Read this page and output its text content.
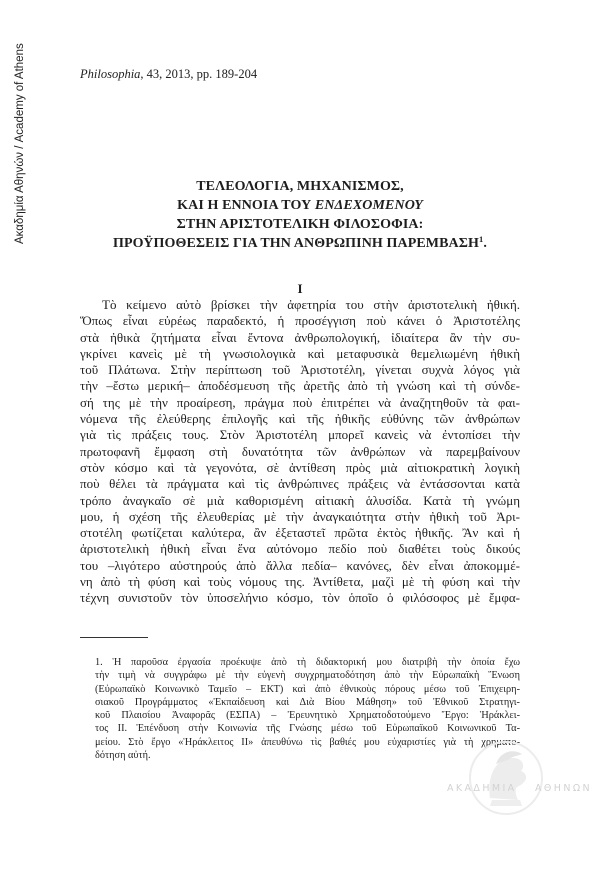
Ακαδημία Αθηνών / Academy of Athens	Philosophia, 43, 2013, pp. 189-204
ΤΕΛΕΟΛΟΓΙΑ, ΜΗΧΑΝΙΣΜΟΣ,
ΚΑΙ Η ΕΝΝΟΙΑ ΤΟΥ ΕΝΔΕΧΟΜΕΝΟΥ
ΣΤΗΝ ΑΡΙΣΤΟΤΕΛΙΚΗ ΦΙΛΟΣΟΦΙΑ:
ΠΡΟΫΠΟΘΕΣΕΙΣ ΓΙΑ ΤΗΝ ΑΝΘΡΩΠΙΝΗ ΠΑΡΕΜΒΑΣΗ$^1$.
I
Τὸ κείμενο αὐτὸ βρίσκει τὴν ἀφετηρία του στὴν ἀριστοτελικὴ ἠθική.
Ὅπως εἶναι εὐρέως παραδεκτό, ἡ προσέγγιση ποὺ κάνει ὁ Ἀριστοτέλης
στὰ ἠθικὰ ζητήματα εἶναι ἔντονα ἀνθρωπολογική, ἰδιαίτερα ἂν τὴν συ-
γκρίνει κανεὶς μὲ τὴ γνωσιολογικὰ καὶ μεταφυσικὰ θεμελιωμένη ἠθικὴ
τοῦ Πλάτωνα. Στὴν περίπτωση τοῦ Ἀριστοτέλη, γίνεται συχνὰ λόγος γιὰ
τὴν –ἔστω μερική– ἀποδέσμευση τῆς ἀρετῆς ἀπὸ τὴ γνώση καὶ τὴ σύνδε-
σή της μὲ τὴν προαίρεση, πράγμα ποὺ ἐπιτρέπει νὰ ἀναζητηθοῦν τὰ φαι-
νόμενα τῆς ἐλεύθερης ἐπιλογῆς καὶ τῆς ἠθικῆς εὐθύνης τῶν ἀνθρώπων
γιὰ τὶς πράξεις τους. Στὸν Ἀριστοτέλη μπορεῖ κανεὶς νὰ ἐντοπίσει τὴν
πρωτοφανῆ ἔμφαση στὴ δυνατότητα τῶν ἀνθρώπων νὰ παρεμβαίνουν
στὸν κόσμο καὶ τὰ γεγονότα, σὲ ἀντίθεση πρὸς μιὰ αἰτιοκρατικὴ λογικὴ
ποὺ θέλει τὰ πράγματα καὶ τὶς ἀνθρώπινες πράξεις νὰ ἐντάσσονται κατὰ
τρόπο ἀναγκαῖο σὲ μιὰ καθορισμένη αἰτιακὴ ἁλυσίδα. Κατὰ τὴ γνώμη
μου, ἡ σχέση τῆς ἐλευθερίας μὲ τὴν ἀναγκαιότητα στὴν ἠθικὴ τοῦ Ἀρι-
στοτέλη φωτίζεται καλύτερα, ἂν ἐξεταστεῖ πρῶτα ἐκτὸς ἠθικῆς. Ἂν καὶ ἡ
ἀριστοτελικὴ ἠθικὴ εἶναι ἕνα αὐτόνομο πεδίο ποὺ διαθέτει τοὺς δικούς
του –λιγότερο αὐστηρούς ἀπὸ ἄλλα πεδία– κανόνες, δὲν εἶναι ἀποκομμέ-
νη ἀπὸ τὴ φύση καὶ τοὺς νόμους της. Ἀντίθετα, μαζὶ μὲ τὴ φύση καὶ τὴν
τέχνη συνιστοῦν τὸν ὑποσελήνιο κόσμο, τὸν ὁποῖο ὁ φιλόσοφος μὲ ἔμφα-
1. Ἡ παροῦσα ἐργασία προέκυψε ἀπὸ τὴ διδακτορική μου διατριβὴ τὴν ὁποία ἔχω
τὴν τιμὴ νὰ συγγράφω μὲ τὴν εὐγενὴ συγχρηματοδότηση ἀπὸ τὴν Εὐρωπαϊκὴ Ἕνωση
(Εὐρωπαϊκὸ Κοινωνικὸ Ταμεῖο – ΕΚΤ) καὶ ἀπὸ ἐθνικοὺς πόρους μέσω τοῦ Ἐπιχειρη-
σιακοῦ Προγράμματος «Ἐκπαίδευση καὶ Διὰ Βίου Μάθηση» τοῦ Ἐθνικοῦ Στρατηγι-
κοῦ Πλαισίου Ἀναφορᾶς (ΕΣΠΑ) – Ἐρευνητικὸ Χρηματοδοτούμενο Ἔργο: Ἡράκλει-
τος ΙΙ. Ἐπένδυση στὴν Κοινωνία τῆς Γνώσης μέσω τοῦ Εὐρωπαϊκοῦ Κοινωνικοῦ Τα-
μείου. Στὸ ἔργο «Ἡράκλειτος ΙΙ» ἀπευθύνω τὶς βαθιές μου εὐχαριστίες γιὰ τὴ χρηματο-
δότηση αὐτή.
ΑΚΑΔΗΜΙΑ ΑΘΗΝΩΝ
